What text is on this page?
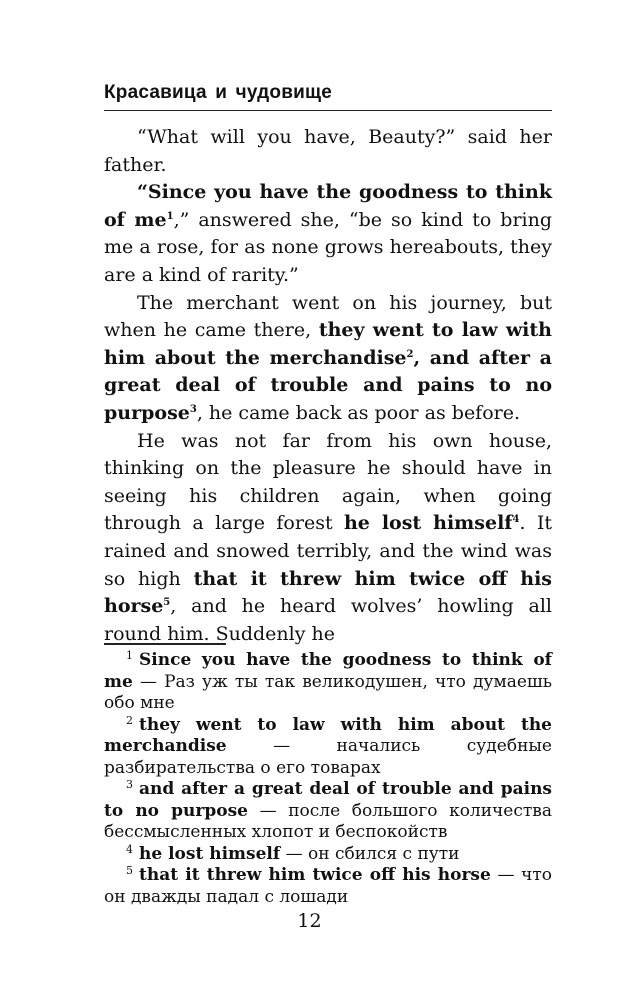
Красавица и чудовище

“What will you have, Beauty?” said her father.

“Since you have the goodness to think of $me^1$,” answered she, “be so kind to bring me a rose, for as none grows hereabouts, they are a kind of rarity.”

The merchant went on his journey, but when he came there, they went to law with him about the merchandise$^2$, and after a great deal of trouble and pains to no purpose$^3$, he came back as poor as before.

He was not far from his own house, thinking on the pleasure he should have in seeing his children again, when going through a large forest he lost himself$^4$. It rained and snowed terribly, and the wind was so high that it threw him twice off his horse$^5$, and he heard wolves’ howling all round him. Suddenly he

$^1$ Since you have the goodness to think of me — Раз уж ты так великодушен, что думаешь обо мне

$^2$ they went to law with him about the merchandise — начались судебные разбирательства о его товарах

$^3$ and after a great deal of trouble and pains to no purpose — после большого количества бессмысленных хлопот и беспокойств

$^4$ he lost himself — он сбился с пути

$^5$ that it threw him twice off his horse — что он дважды падал с лошади

12
